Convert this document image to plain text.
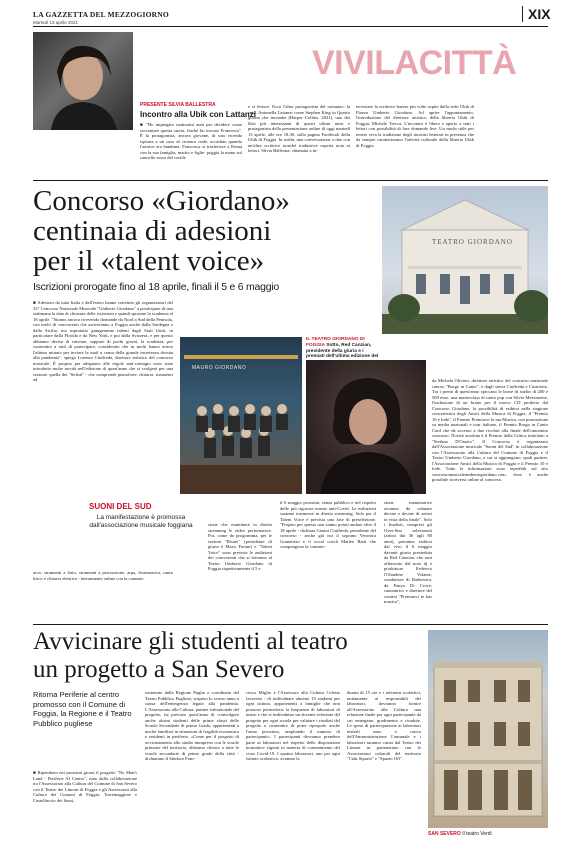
LA GAZZETTA DEL MEZZOGIORNO
Martedì 13 aprile 2021
XIX
VIVILACITTÀ
PRESENTE SILVIA BALLESTRA
Incontro alla Ubik con Lattanzi
■ "Ho impiegato tantissimi anni per decidere come raccontare questa storia, finché ho trovato Francesca". È la protagonista, ancora giovane, di una vicenda ispirata a un caso di cronaca reale, accaduto quando l'autrice era bambina. Francesca si trasferisce a Roma con la sua famiglia, marito e figlie: poggia la mano sul cancello rosso del cortile
e si ferisce. Ecco l'altra protagonista del romanzo: la casa. Antonella Lattanzi come Stephen King in Questo giorno che incombe (Harper Collins, 2021), uno dei libri più interessanti di questi ultimi mesi e protagonista della presentazione online di oggi martedì 13 aprile, alle ore 18.30, sulla pagina Facebook della Ubik di Foggia. In realtà, una conversazione a due con un'altra scrittrice nonché traduttrice esperta nota ai lettori, Silvia Ballestra, chiamata a in-
tervistare la scrittrice barese più volte ospite della sede Ubik di Piazza Umberto Giordano. Ad aprire l'appuntamento, l'introduzione del direttore artistico della libreria Ubik di Foggia, Michele Trecca. L'incontro è libero e aperto a tutti i lettori con possibilità di fare domande live. Un modo utile per tenere viva la tradizione degli incontri letterari in presenza che da sempre caratterizzano l'attività culturale della libreria Ubik di Foggia.
Concorso «Giordano»
centinaia di adesioni
per il «talent voice»
Iscrizioni prorogate fino al 18 aprile, finali il 5 e 6 maggio
TEATRO GIORDANO
IL TEATRO GIORDANO DI FOGGIA Sotto, Red Canzian, presidente della giuria e i premiati dell'ultima edizione del
MAURO GIORDANO
■ Adesioni da tutta Italia e dall'estero hanno convinto gli organizzatori del 33° Concorso Nazionale Musicale "Umberto Giordano" a posticipare di una settimana la data di chiusura delle iscrizioni e quindi spostare la scadenza al 18 aprile. "Stiamo ancora ricevendo domande da Nord a Sud della Penisola, con molti di concorrenti che arriveranno a Foggia anche dalla Sardegna e dalla Sicilia, ma sopratutto giungeranno talenti dagli Stati Uniti, in particolare dalla Florida e da New York, e poi dalla Svizzera, e per questo abbiamo deciso di rinviare, seppure di pochi giorni, la scadenza, per consentire a tutti di partecipare, considerato che in molti hanno atteso l'ultimo minuto per inviare la mail a causa della grande incertezza dovuta alla pandemia", spiega Lorenzo Ciuffreda, direttore artistico del concorso musicale. È proprio per adeguarsi alle regole anti-contagio sono state introdotte molte novità nell'edizione di quest'anno che si svolgerà per una sezione, quella dei "Solisti" - che comprende pianoforte, chitarra, strumenti ad
SUONI DEL SUD
La manifestazione è promossa dall'associazione musicale foggiana
arco, strumenti a fiato, strumenti a percussione, arpa, fisarmonica, canto lirico e chitarra elettrica - interamente online con la commis-
sione che esaminerà in diretta streaming le video performance. Poi, come da programma, per le sezioni "Bruno" (presidente di giuria è Maxx Furian) e "Talent Voice" sono previste le audizioni dei concorrenti che si terranno al Teatro Umberto Giordano di Foggia rispettivamente il 5 e
il 6 maggio prossimi, senza pubblico e nel rispetto delle più rigorose norme anti-Covid. Le esibizioni saranno trasmesse in diretta streaming. Solo per il Talent Voice è prevista una fase di preselezione. "Proprio per questo non siamo potuti andare oltre il 18 aprile - dichiara Gianni Ciuffreda, presidente del concorso - anche già noi il soprano Veronica Granatiero e il vocal coach Matteo Ratti che compongono la commis-
sione esaminatrice avranno da valutare decine e decine di artisti in vista della finale". Solo i finalisti, compresi gli Over-Star selezionati (artisti dai 36 agli 80 anni), potranno esibirsi dal vivo il 6 maggio davanti giuria presieduta da Red Canzian, che sarà affiancato dal noto dj e produttore Federico l'Olandese Volante, conduttore di Radiovera, da Fanya Di Croce, cantautrice e direttore del contest "Promuovi te has musica",
da Michela Olivieri, direttore artistico del concorso nazionale canoro "Borgo in Canto", e dagli stessi Ciuffreda e Castriotta. Tra i premi di quest'anno spiccano le borse di studio di 200 e 500 euro, una masterclass di canto pop con Silvia Mezzanotte, l'inclusione di un brano per il nuovo CD prodotto dal Concorso Giordano, la possibilità di esibirsi nella stagione concertistica degli Amici della Musica di Foggia, il "Premio 10 e lode", il Premio Promuovi la tua Musica, con promozione su media nazionali e tour italiano, il Premio Borgo in Canto Card che dà accesso a due rivoluti alla finale dell'omonimo concorso. Novità assoluta è il Premio della Critica intitolato a "Stefano D'Orazio". Il Concorso è organizzato dall'Associazione musicale "Suoni del Sud" in collaborazione con l'Assessorato alla Cultura del Comune di Foggia e il Teatro Umberto Giordano, a cui si aggiungono, quali partner, l'Associazione Amici della Musica di Foggia e il Premio 10 e lode. Tutte le informazioni sono reperibili sul sito concorsomusicaleumbertogiordano.com, dove è anche possibile iscriversi online al concorso.
Avvicinare gli studenti al teatro
un progetto a San Severo
Ritorna Periferie al centro promosso con il Comune di Foggia, la Regione e il Teatro Pubblico pugliese
■ Ripendono nei prossimi giorni il progetto "No Man's Land - Periferie Al Centro", nato dalla collaborazione tra l'Assessorato alla Cultura del Comune di San Severo con il Teatro dei Limoni di Foggia e gli Assessorati alla Cultura dei Comuni di Foggia, Torremaggiore e Castelluccio dei Sauri,
sostenuto dalla Regione Puglia e coordinato dal Teatro Pubblico Pugliese, sospeso lo scorso anno a causa dell'emergenza legata alla pandemia. L'Assessorato alla Cultura, partner istituzionale del progetto, ha previsto quest'anno di coinvolgere anche alcuni studenti delle prime classi delle Scuole Secondarie di primo Grado, appartenenti a nuclei familiari in situazioni di fragilità economica e residenti in periferia. «Come per il progetto di avvicinamento allo studio intrapreso con le scuole primarie del territorio, abbiamo chiesto a tutte le scuole secondarie di primo grado della città - dichiarano il Sindaco Fran-
cesco Miglio e l'Assessore alla Cultura Celeste Iacovino - di individuare almeno 10 studenti per ogni istituto, appartenenti a famiglie che non possono permettersi la frequenza di laboratori di teatro e che si individuino un docente referente del progetto per ogni scuola per valutare i risultati del progetto e consentire di poter ripropolo anche l'anno prossimo, ampliando il numero di partecipanti». I partecipanti dovranno prendere parte ai laboratori nel rispetto delle disposizioni normative vigenti in materia di contenimento del virus Covid-19. I quattro laboratori, uno per ogni istituto scolastico, avranno la
durata di 15 ore e i referenti scolastici, unitamente ai responsabili dei laboratori, dovranno fornire all'Assessorato alla Cultura una relazione finale per ogni partecipante da cui emergano: gradimento e ricadute. Le spese di partecipazione ai laboratori teatrali sono a carico dell'Amministrazione Comunale e i laboratori saranno curati dal Teatro dei Limoni in partenariato con le Associazioni culturali del territorio "Ciak Sipario" e "Spazio Off".
SAN SEVERO Il teatro Verdi
